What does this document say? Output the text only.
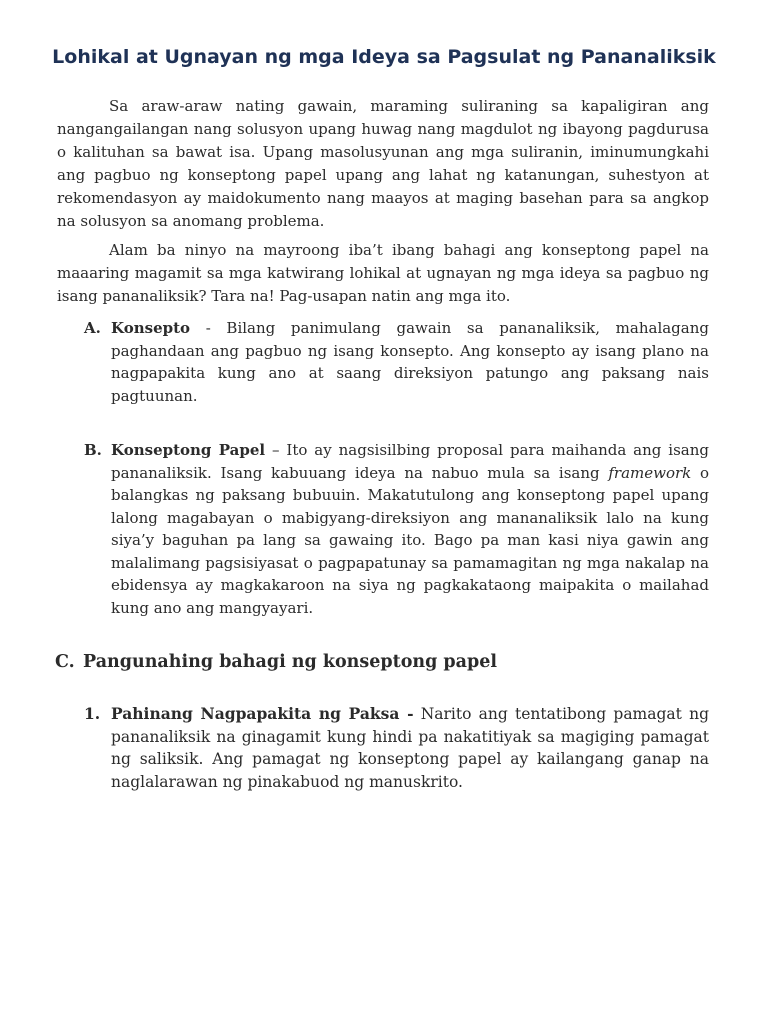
Lohikal at Ugnayan ng mga Ideya sa Pagsulat ng Pananaliksik

Sa araw-araw nating gawain, maraming suliraning sa kapaligiran ang nangangailangan nang solusyon upang huwag nang magdulot ng ibayong pagdurusa o kalituhan sa bawat isa. Upang masolusyunan ang mga suliranin, iminumungkahi ang pagbuo ng konseptong papel upang ang lahat ng katanungan, suhestyon at rekomendasyon ay maidokumento nang maayos at maging basehan para sa angkop na solusyon sa anomang problema.

Alam ba ninyo na mayroong iba’t ibang bahagi ang konseptong papel na maaaring magamit sa mga katwirang lohikal at ugnayan ng mga ideya sa pagbuo ng isang pananaliksik? Tara na! Pag-usapan natin ang mga ito.

A. Konsepto - Bilang panimulang gawain sa pananaliksik, mahalagang paghandaan ang pagbuo ng isang konsepto. Ang konsepto ay isang plano na nagpapakita kung ano at saang direksiyon patungo ang paksang nais pagtuunan.
B. Konseptong Papel – Ito ay nagsisilbing proposal para maihanda ang isang pananaliksik. Isang kabuuang ideya na nabuo mula sa isang framework o balangkas ng paksang bubuuin. Makatutulong ang konseptong papel upang lalong magabayan o mabigyang-direksiyon ang mananaliksik lalo na kung siya’y baguhan pa lang sa gawaing ito. Bago pa man kasi niya gawin ang malalimang pagsisiyasat o pagpapatunay sa pamamagitan ng mga nakalap na ebidensya ay magkakaroon na siya ng pagkakataong maipakita o mailahad kung ano ang mangyayari.
C. Pangunahing bahagi ng konseptong papel
1. Pahinang Nagpapakita ng Paksa - Narito ang tentatibong pamagat ng pananaliksik na ginagamit kung hindi pa nakatitiyak sa magiging pamagat ng saliksik. Ang pamagat ng konseptong papel ay kailangang ganap na naglalarawan ng pinakabuod ng manuskrito.
